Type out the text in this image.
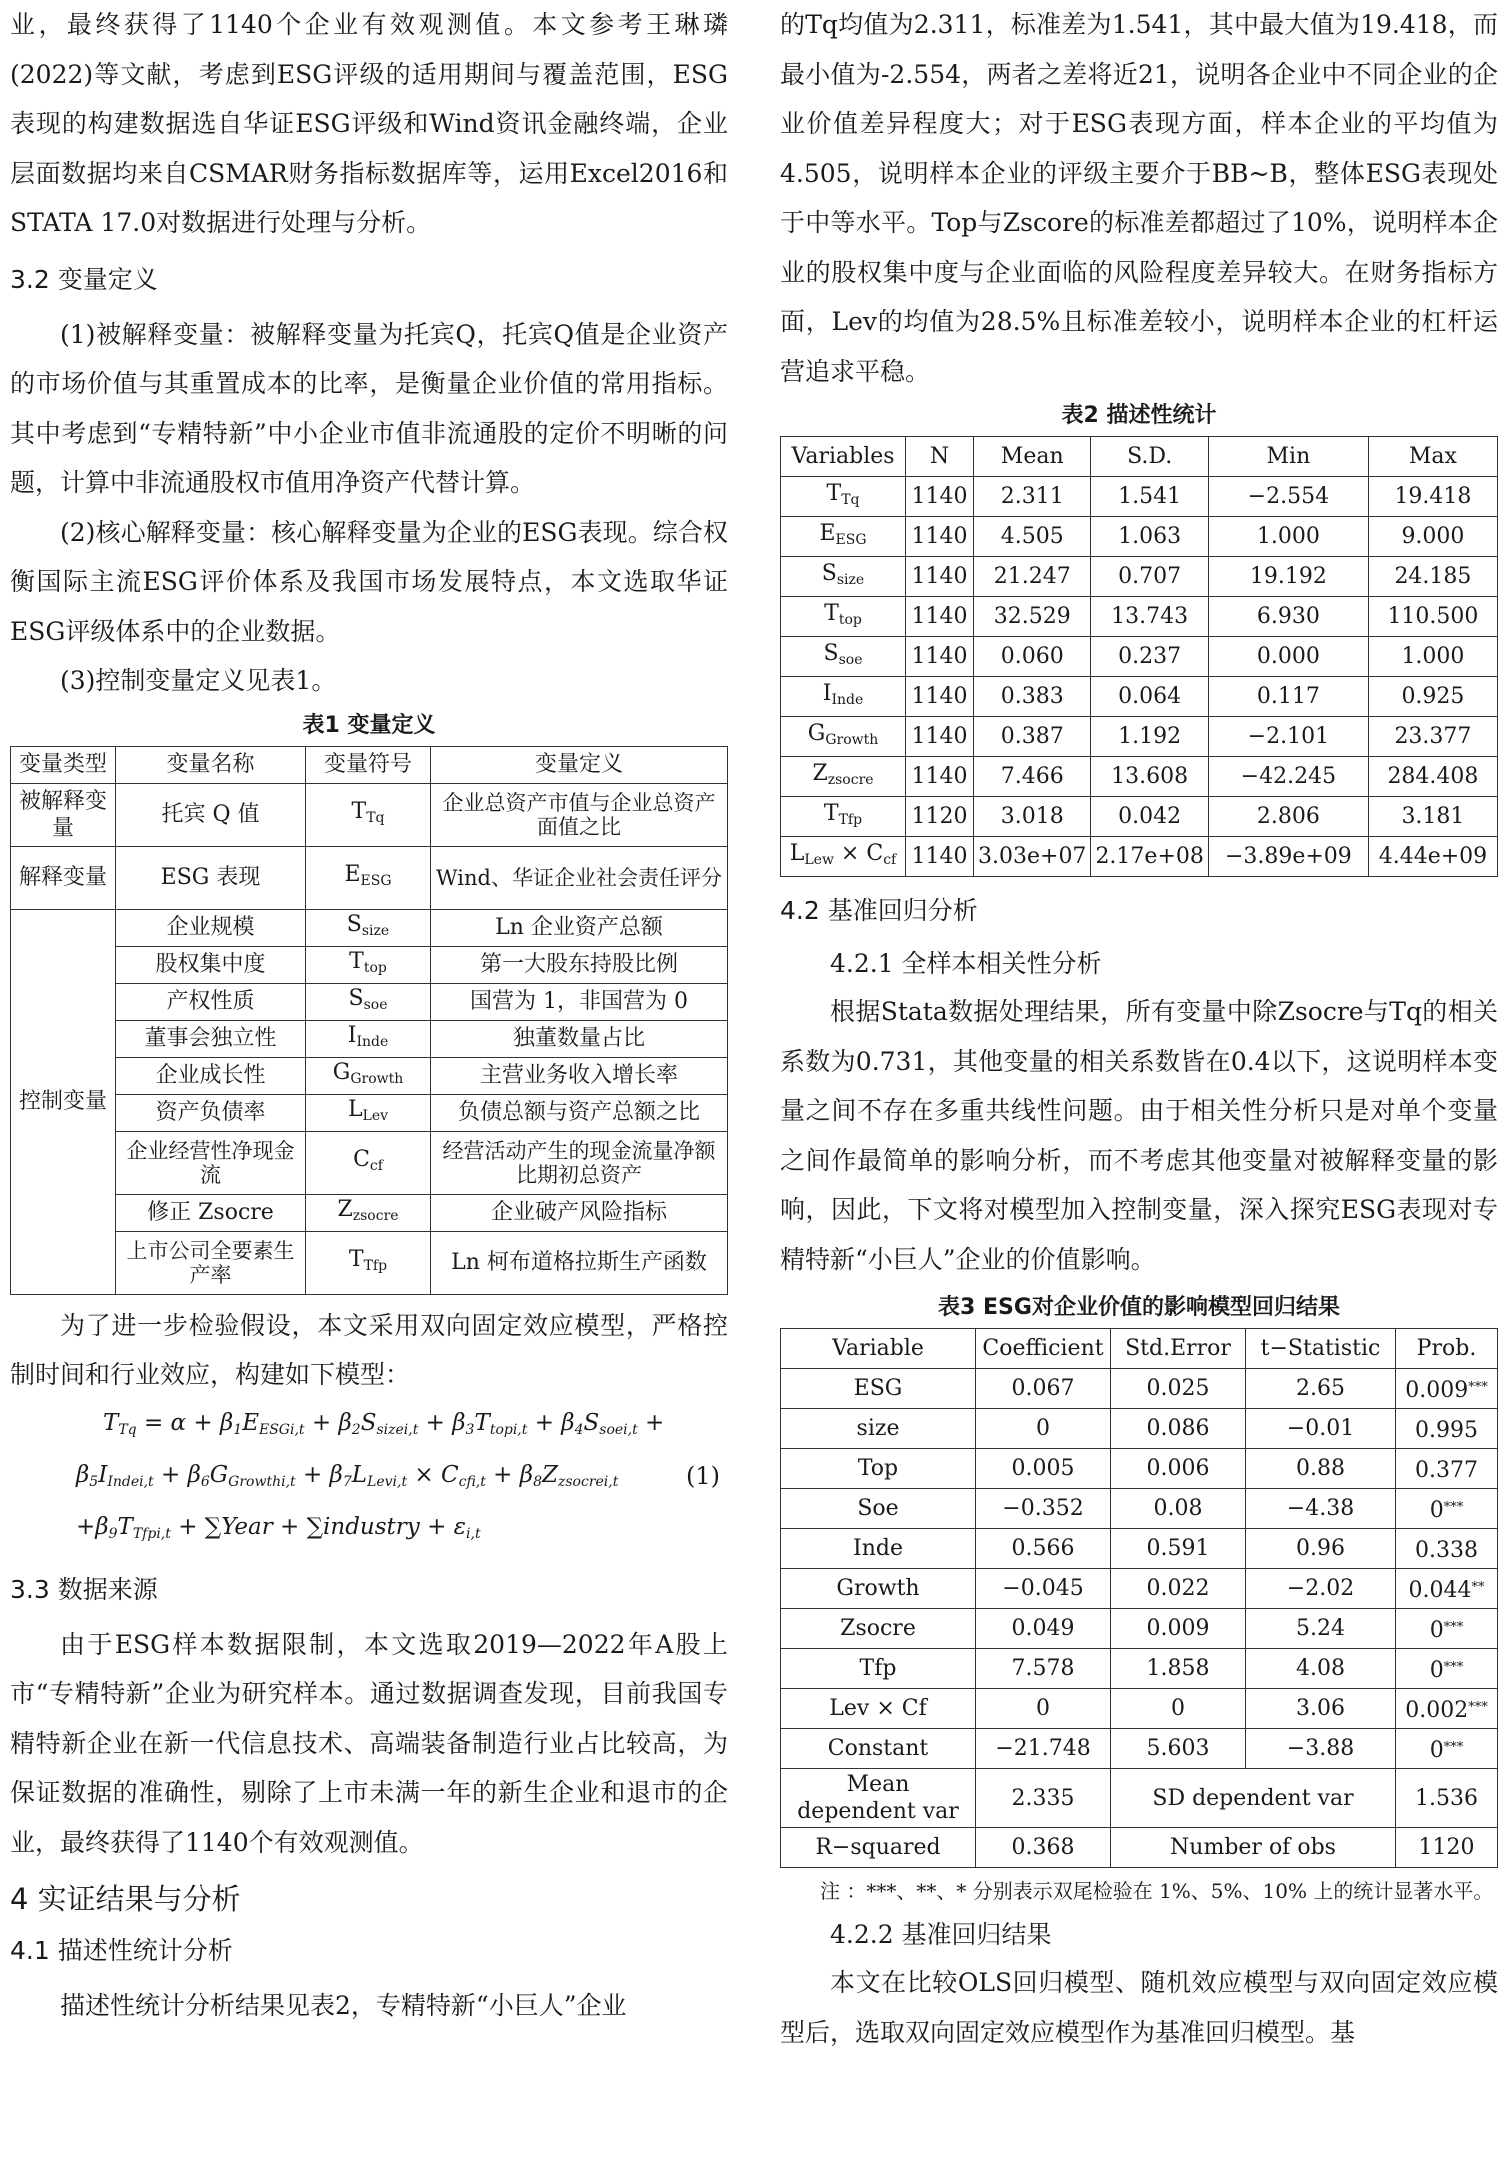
业，最终获得了1140个企业有效观测值。本文参考王琳璘(2022)等文献，考虑到ESG评级的适用期间与覆盖范围，ESG表现的构建数据选自华证ESG评级和Wind资讯金融终端，企业层面数据均来自CSMAR财务指标数据库等，运用Excel2016和STATA 17.0对数据进行处理与分析。

3.2 变量定义

(1)被解释变量：被解释变量为托宾Q，托宾Q值是企业资产的市场价值与其重置成本的比率，是衡量企业价值的常用指标。其中考虑到“专精特新”中小企业市值非流通股的定价不明晰的问题，计算中非流通股权市值用净资产代替计算。

(2)核心解释变量：核心解释变量为企业的ESG表现。综合权衡国际主流ESG评价体系及我国市场发展特点，本文选取华证ESG评级体系中的企业数据。

(3)控制变量定义见表1。

表1 变量定义
变量类型	变量名称	变量符号	变量定义
被解释变量	托宾 Q 值	$T_{Tq}$	企业总资产市值与企业总资产面值之比
解释变量	ESG 表现	$E_{ESG}$	Wind、华证企业社会责任评分
控制变量	企业规模	$S_{size}$	Ln 企业资产总额
	股权集中度	$T_{top}$	第一大股东持股比例
	产权性质	$S_{soe}$	国营为 1，非国营为 0
	董事会独立性	$I_{Inde}$	独董数量占比
	企业成长性	$G_{Growth}$	主营业务收入增长率
	资产负债率	$L_{Lev}$	负债总额与资产总额之比
	企业经营性净现金流	$C_{cf}$	经营活动产生的现金流量净额比期初总资产
	修正 Zsocre	$Z_{zsocre}$	企业破产风险指标
	上市公司全要素生产率	$T_{Tfp}$	Ln 柯布道格拉斯生产函数

为了进一步检验假设，本文采用双向固定效应模型，严格控制时间和行业效应，构建如下模型：

$T_{Tq} = \alpha + \beta_1E_{ESGi,t} + \beta_2S_{sizei,t} + \beta_3T_{topi,t} + \beta_4S_{soei,t}$ +
$\beta_5I_{Indei,t} + \beta_6G_{Growthi,t} + \beta_7L_{Levi,t} \times C_{cfi,t} + \beta_8Z_{zsocrei,t}$
$+\beta_9T_{Tfpi,t}$ + ∑Year + ∑industry + $\varepsilon_{i,t}$
(1)
3.3 数据来源

由于ESG样本数据限制，本文选取2019—2022年A股上市“专精特新”企业为研究样本。通过数据调查发现，目前我国专精特新企业在新一代信息技术、高端装备制造行业占比较高，为保证数据的准确性，剔除了上市未满一年的新生企业和退市的企业，最终获得了1140个有效观测值。

4 实证结果与分析
4.1 描述性统计分析

描述性统计分析结果见表2，专精特新“小巨人”企业

的Tq均值为2.311，标准差为1.541，其中最大值为19.418，而最小值为-2.554，两者之差将近21，说明各企业中不同企业的企业价值差异程度大；对于ESG表现方面，样本企业的平均值为4.505，说明样本企业的评级主要介于BB~B，整体ESG表现处于中等水平。Top与Zscore的标准差都超过了10%，说明样本企业的股权集中度与企业面临的风险程度差异较大。在财务指标方面，Lev的均值为28.5%且标准差较小，说明样本企业的杠杆运营追求平稳。

表2 描述性统计
Variables	N	Mean	S.D.	Min	Max
$T_{Tq}$	1140	2.311	1.541	−2.554	19.418
$E_{ESG}$	1140	4.505	1.063	1.000	9.000
$S_{size}$	1140	21.247	0.707	19.192	24.185
$T_{top}$	1140	32.529	13.743	6.930	110.500
$S_{soe}$	1140	0.060	0.237	0.000	1.000
$I_{Inde}$	1140	0.383	0.064	0.117	0.925
$G_{Growth}$	1140	0.387	1.192	−2.101	23.377
$Z_{zsocre}$	1140	7.466	13.608	−42.245	284.408
$T_{Tfp}$	1120	3.018	0.042	2.806	3.181
$L_{Lew} \times C_{cf}$	1140	3.03e+07	2.17e+08	−3.89e+09	4.44e+09
4.2 基准回归分析
4.2.1 全样本相关性分析

根据Stata数据处理结果，所有变量中除Zsocre与Tq的相关系数为0.731，其他变量的相关系数皆在0.4以下，这说明样本变量之间不存在多重共线性问题。由于相关性分析只是对单个变量之间作最简单的影响分析，而不考虑其他变量对被解释变量的影响，因此，下文将对模型加入控制变量，深入探究ESG表现对专精特新“小巨人”企业的价值影响。

表3 ESG对企业价值的影响模型回归结果
Variable	Coefficient	Std.Error	t−Statistic	Prob.
ESG	0.067	0.025	2.65	0.009***
size	0	0.086	−0.01	0.995
Top	0.005	0.006	0.88	0.377
Soe	−0.352	0.08	−4.38	0***
Inde	0.566	0.591	0.96	0.338
Growth	−0.045	0.022	−2.02	0.044**
Zsocre	0.049	0.009	5.24	0***
Tfp	7.578	1.858	4.08	0***
Lev × Cf	0	0	3.06	0.002***
Constant	−21.748	5.603	−3.88	0***
Mean dependent var	2.335	SD dependent var		1.536
R−squared	0.368	Number of obs		1120

注 ：***、**、* 分别表示双尾检验在 1%、5%、10% 上的统计显著水平。

4.2.2 基准回归结果

本文在比较OLS回归模型、随机效应模型与双向固定效应模型后，选取双向固定效应模型作为基准回归模型。基
